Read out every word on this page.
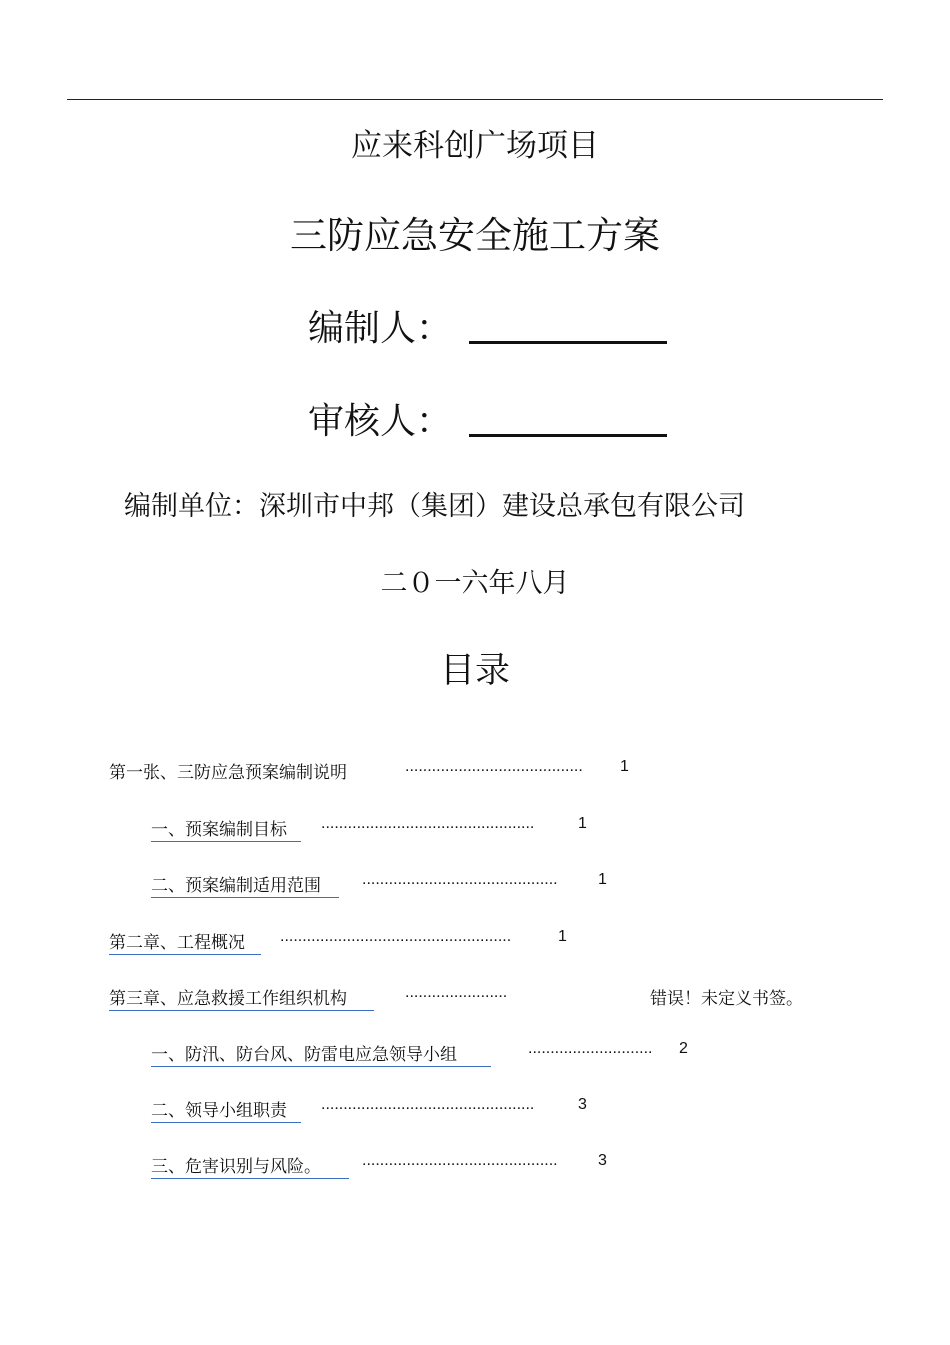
应来科创广场项目
三防应急安全施工方案
编制人：
审核人：
编制单位：深圳市中邦（集团）建设总承包有限公司
二０一六年八月
目录
第一张、三防应急预案编制说明	........................................ 1
一、预案编制目标	................................................	1
二、预案编制适用范围	............................................	1
第二章、工程概况	....................................................	1
第三章、应急救援工作组织机构	.......................	错误！未定义书签。
一、防汛、防台风、防雷电应急领导小组	............................ 2
二、领导小组职责	................................................	3
三、危害识别与风险。	............................................	3
